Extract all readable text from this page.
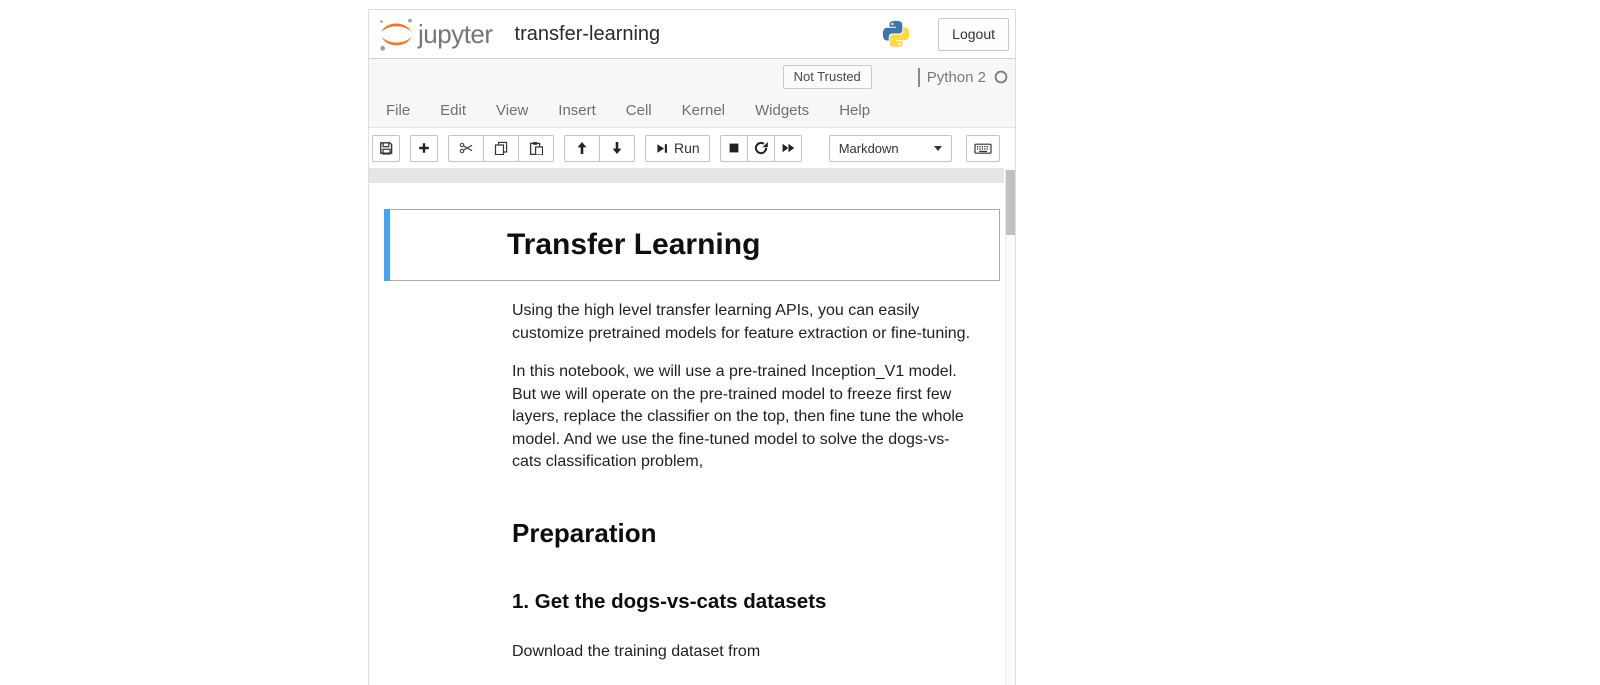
jupyter transfer-learning	Logout
Not Trusted	Python 2
File	Edit	View	Insert	Cell	Kernel	Widgets	Help
Run	Markdown
Transfer Learning

Using the high level transfer learning APIs, you can easily customize pretrained models for feature extraction or fine-tuning.

In this notebook, we will use a pre-trained Inception_V1 model. But we will operate on the pre-trained model to freeze first few layers, replace the classifier on the top, then fine tune the whole model. And we use the fine-tuned model to solve the dogs-vs-cats classification problem,

Preparation
1. Get the dogs-vs-cats datasets

Download the training dataset from
